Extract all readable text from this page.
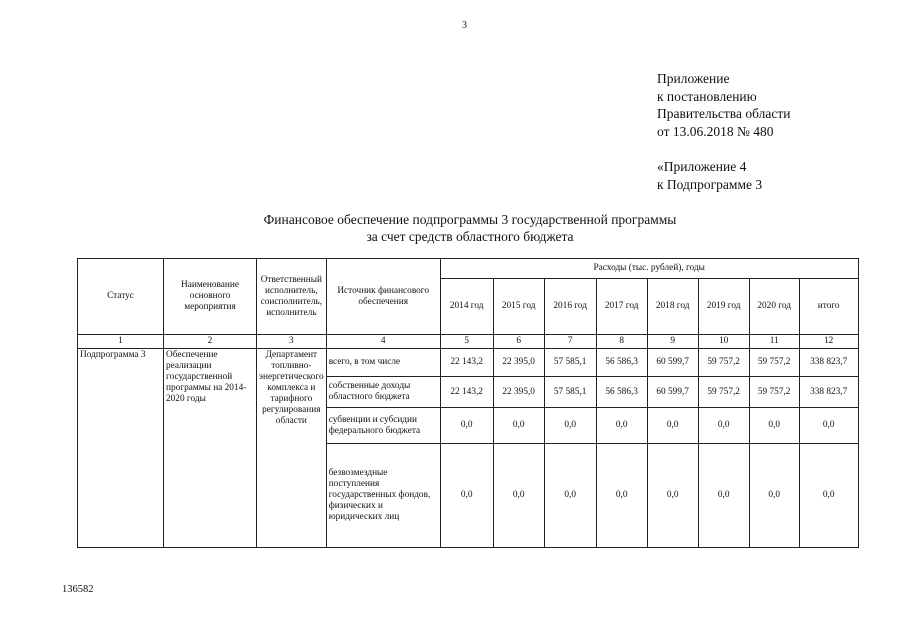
3
Приложение
к постановлению
Правительства области
от 13.06.2018 № 480
«Приложение 4
к Подпрограмме 3
Финансовое обеспечение подпрограммы 3 государственной программы
за счет средств областного бюджета
Статус	Наименование основного мероприятия	Ответственный исполнитель, соисполнитель, исполнитель	Источник финансового обеспечения	Расходы (тыс. рублей), годы							
				2014 год	2015 год	2016 год	2017 год	2018 год	2019 год	2020 год	итого
1	2	3	4	5	6	7	8	9	10	11	12
Подпрограмма 3	Обеспечение реализации государственной программы на 2014-2020 годы	Департамент топливно-энергетического комплекса и тарифного регулирования области	всего, в том числе	22 143,2	22 395,0	57 585,1	56 586,3	60 599,7	59 757,2	59 757,2	338 823,7
			собственные доходы областного бюджета	22 143,2	22 395,0	57 585,1	56 586,3	60 599,7	59 757,2	59 757,2	338 823,7
			субвенции и субсидии федерального бюджета	0,0	0,0	0,0	0,0	0,0	0,0	0,0	0,0
			безвозмездные поступления государственных фондов, физических и юридических лиц	0,0	0,0	0,0	0,0	0,0	0,0	0,0	0,0
136582
